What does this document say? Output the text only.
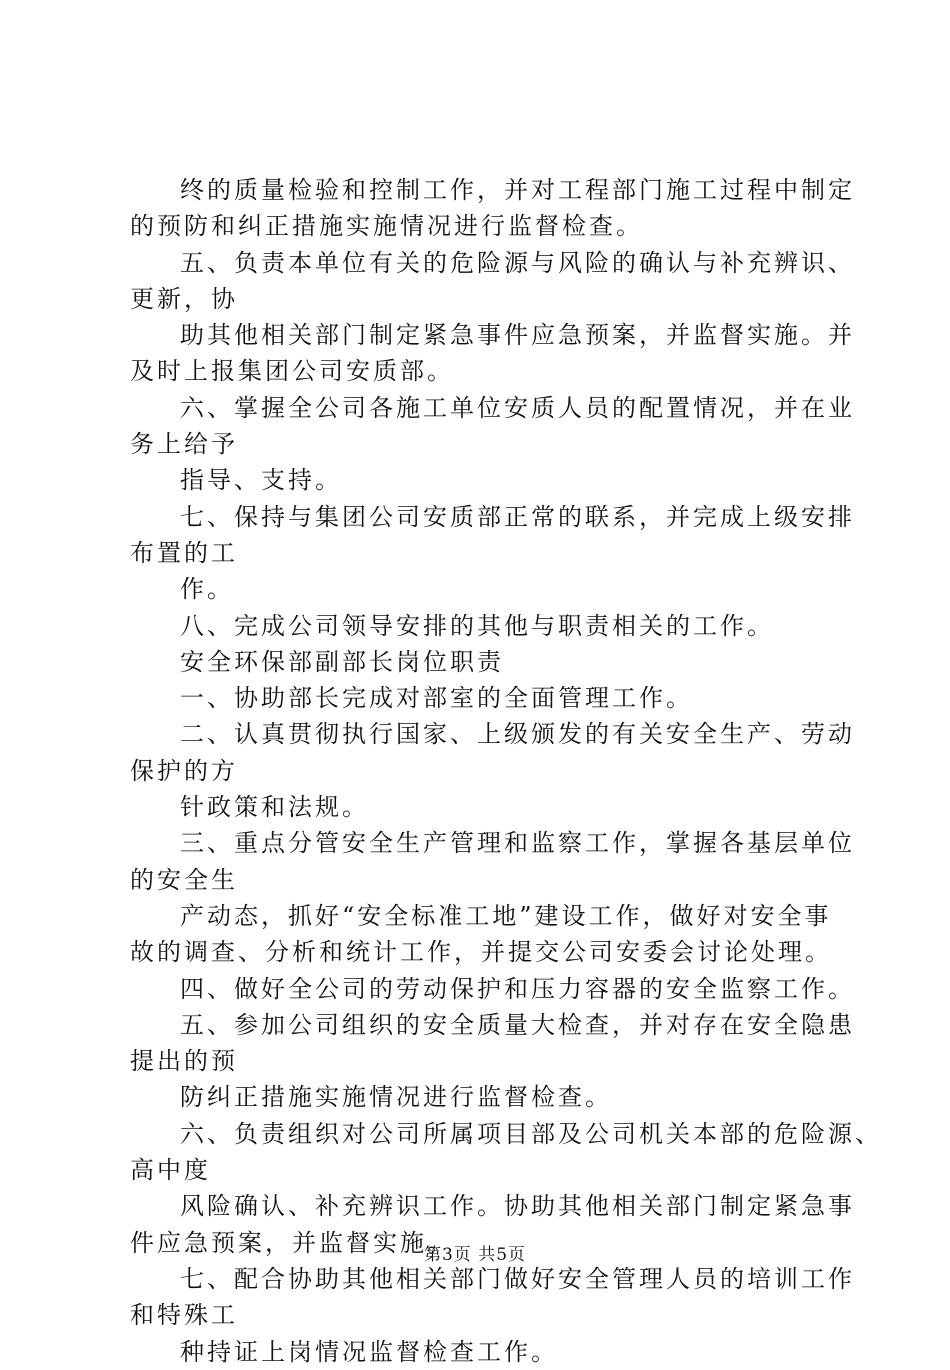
终的质量检验和控制工作，并对工程部门施工过程中制定
的预防和纠正措施实施情况进行监督检查。
五、负责本单位有关的危险源与风险的确认与补充辨识、
更新，协
助其他相关部门制定紧急事件应急预案，并监督实施。并
及时上报集团公司安质部。
六、掌握全公司各施工单位安质人员的配置情况，并在业
务上给予
指导、支持。
七、保持与集团公司安质部正常的联系，并完成上级安排
布置的工
作。
八、完成公司领导安排的其他与职责相关的工作。
安全环保部副部长岗位职责
一、协助部长完成对部室的全面管理工作。
二、认真贯彻执行国家、上级颁发的有关安全生产、劳动
保护的方
针政策和法规。
三、重点分管安全生产管理和监察工作，掌握各基层单位
的安全生
产动态，抓好“安全标准工地”建设工作，做好对安全事
故的调查、分析和统计工作，并提交公司安委会讨论处理。
四、做好全公司的劳动保护和压力容器的安全监察工作。
五、参加公司组织的安全质量大检查，并对存在安全隐患
提出的预
防纠正措施实施情况进行监督检查。
六、负责组织对公司所属项目部及公司机关本部的危险源、
高中度
风险确认、补充辨识工作。协助其他相关部门制定紧急事
件应急预案，并监督实施。
七、配合协助其他相关部门做好安全管理人员的培训工作
和特殊工
种持证上岗情况监督检查工作。
第3页 共5页
